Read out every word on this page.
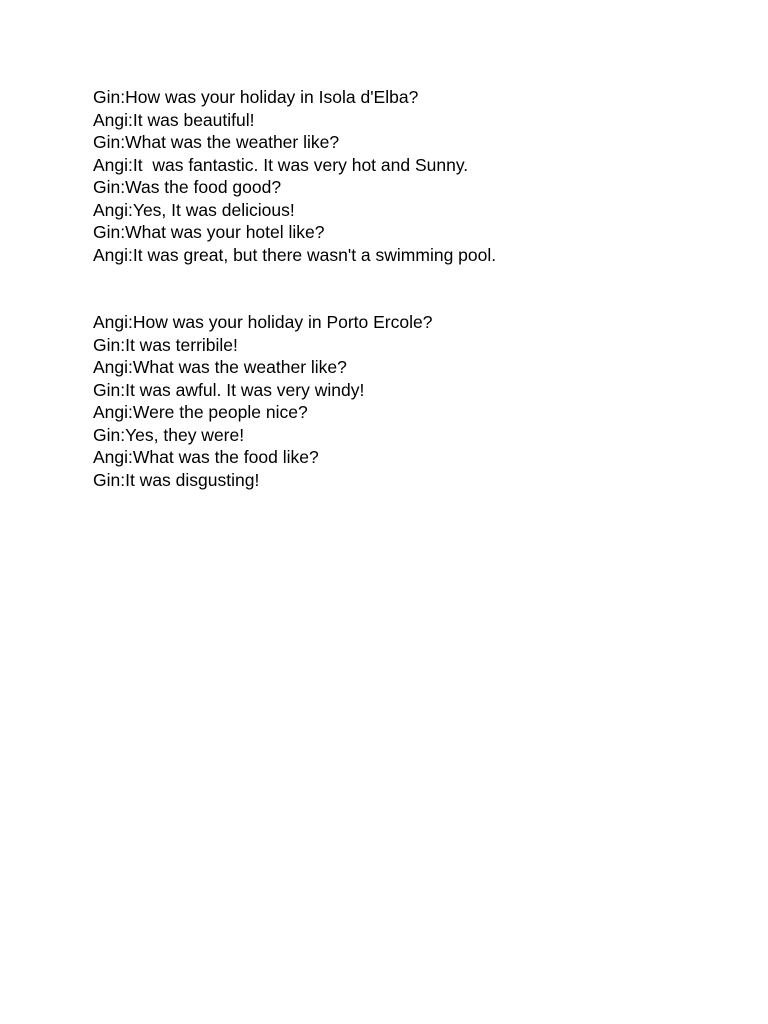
Gin:How was your holiday in Isola d'Elba?

Angi:It was beautiful!

Gin:What was the weather like?

Angi:It  was fantastic. It was very hot and Sunny.

Gin:Was the food good?

Angi:Yes, It was delicious!

Gin:What was your hotel like?

Angi:It was great, but there wasn't a swimming pool.

Angi:How was your holiday in Porto Ercole?

Gin:It was terribile!

Angi:What was the weather like?

Gin:It was awful. It was very windy!

Angi:Were the people nice?

Gin:Yes, they were!

Angi:What was the food like?

Gin:It was disgusting!
